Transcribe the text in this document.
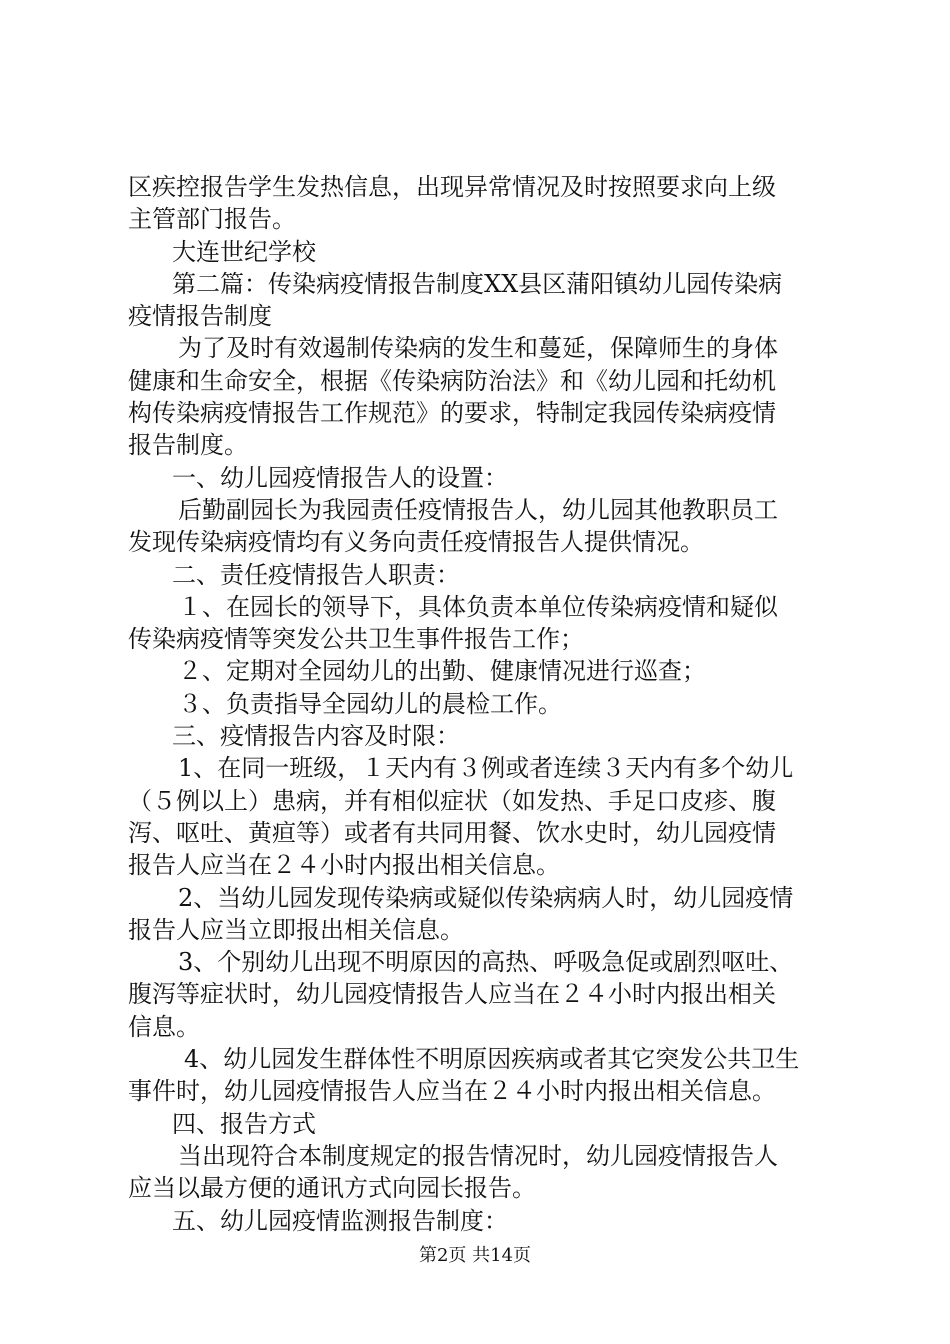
区疾控报告学生发热信息，出现异常情况及时按照要求向上级
主管部门报告。
大连世纪学校
第二篇：传染病疫情报告制度XX县区蒲阳镇幼儿园传染病
疫情报告制度
为了及时有效遏制传染病的发生和蔓延，保障师生的身体
健康和生命安全，根据《传染病防治法》和《幼儿园和托幼机
构传染病疫情报告工作规范》的要求，特制定我园传染病疫情
报告制度。
一、幼儿园疫情报告人的设置：
后勤副园长为我园责任疫情报告人，幼儿园其他教职员工
发现传染病疫情均有义务向责任疫情报告人提供情况。
二、责任疫情报告人职责：
１、在园长的领导下，具体负责本单位传染病疫情和疑似
传染病疫情等突发公共卫生事件报告工作；
２、定期对全园幼儿的出勤、健康情况进行巡查；
３、负责指导全园幼儿的晨检工作。
三、疫情报告内容及时限：
1、在同一班级，１天内有３例或者连续３天内有多个幼儿
（５例以上）患病，并有相似症状（如发热、手足口皮疹、腹
泻、呕吐、黄疸等）或者有共同用餐、饮水史时，幼儿园疫情
报告人应当在２４小时内报出相关信息。
2、当幼儿园发现传染病或疑似传染病病人时，幼儿园疫情
报告人应当立即报出相关信息。
3、个别幼儿出现不明原因的高热、呼吸急促或剧烈呕吐、
腹泻等症状时，幼儿园疫情报告人应当在２４小时内报出相关
信息。
4、幼儿园发生群体性不明原因疾病或者其它突发公共卫生
事件时，幼儿园疫情报告人应当在２４小时内报出相关信息。
四、报告方式
当出现符合本制度规定的报告情况时，幼儿园疫情报告人
应当以最方便的通讯方式向园长报告。
五、幼儿园疫情监测报告制度：
第2页 共14页
